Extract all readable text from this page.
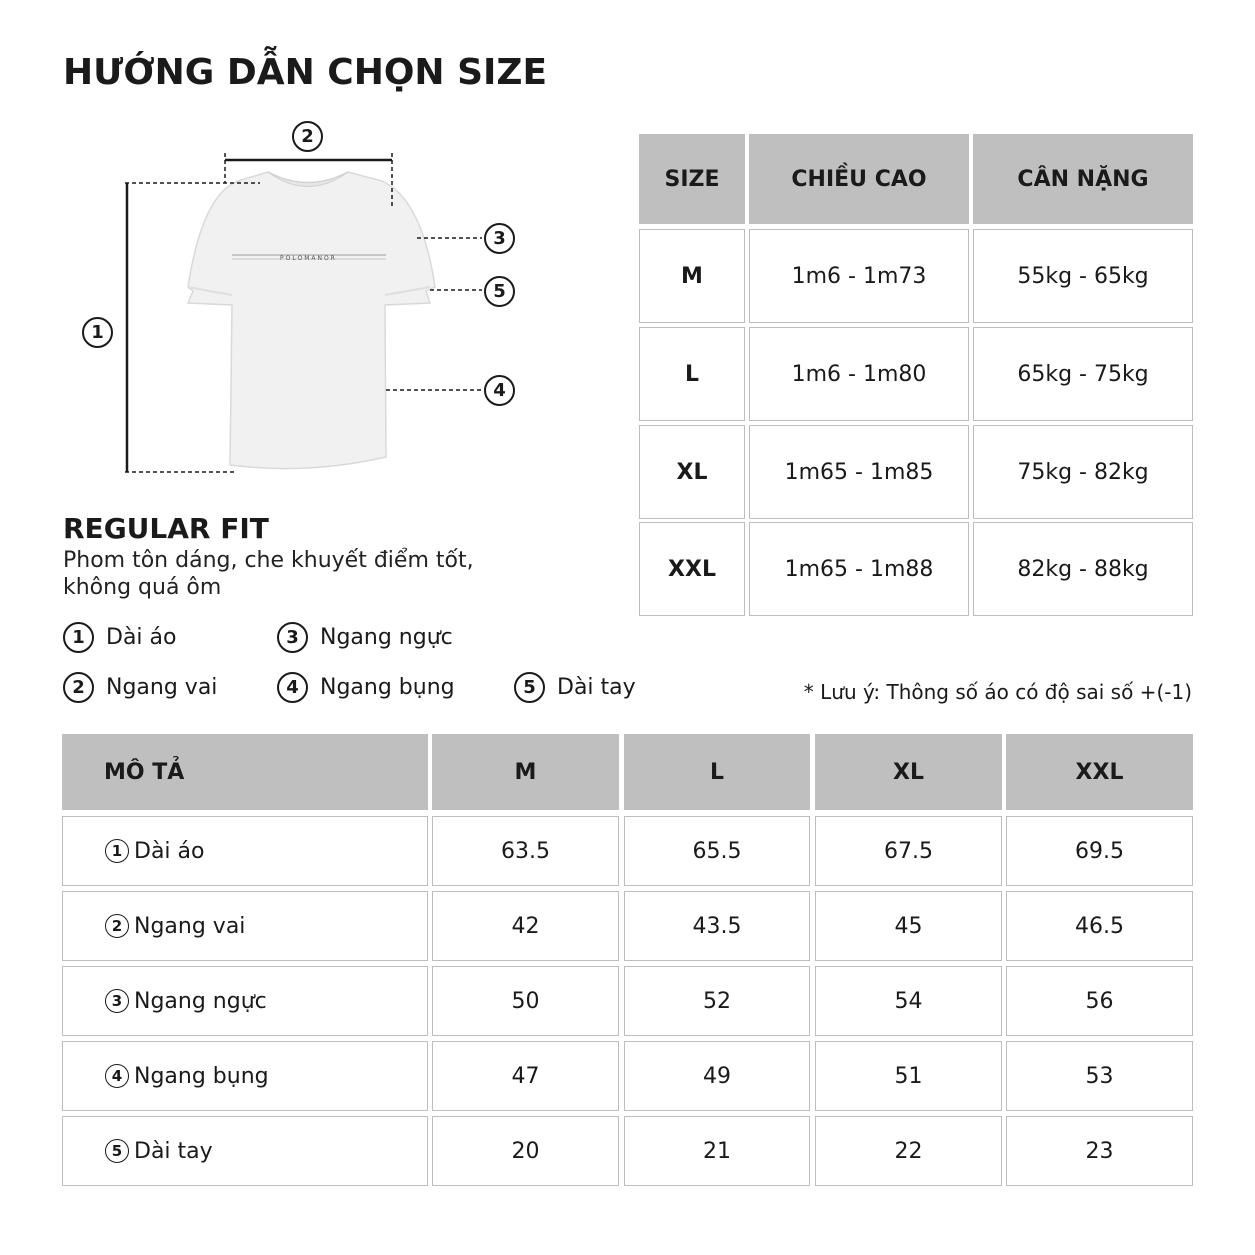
HƯỚNG DẪN CHỌN SIZE
POLOMANOR
2
1
3
5
4
REGULAR FIT
Phom tôn dáng, che khuyết điểm tốt,
không quá ôm
1 Dài áo	3 Ngang ngực
2 Ngang vai	4 Ngang bụng	5 Dài tay	* Lưu ý: Thông số áo có độ sai số +(-1)
SIZE	CHIỀU CAO	CÂN NẶNG
M	1m6 - 1m73	55kg - 65kg
L	1m6 - 1m80	65kg - 75kg
XL	1m65 - 1m85	75kg - 82kg
XXL	1m65 - 1m88	82kg - 88kg
MÔ TẢ	M	L	XL	XXL
1 Dài áo	63.5	65.5	67.5	69.5
2 Ngang vai	42	43.5	45	46.5
3 Ngang ngực	50	52	54	56
4 Ngang bụng	47	49	51	53
5 Dài tay	20	21	22	23
